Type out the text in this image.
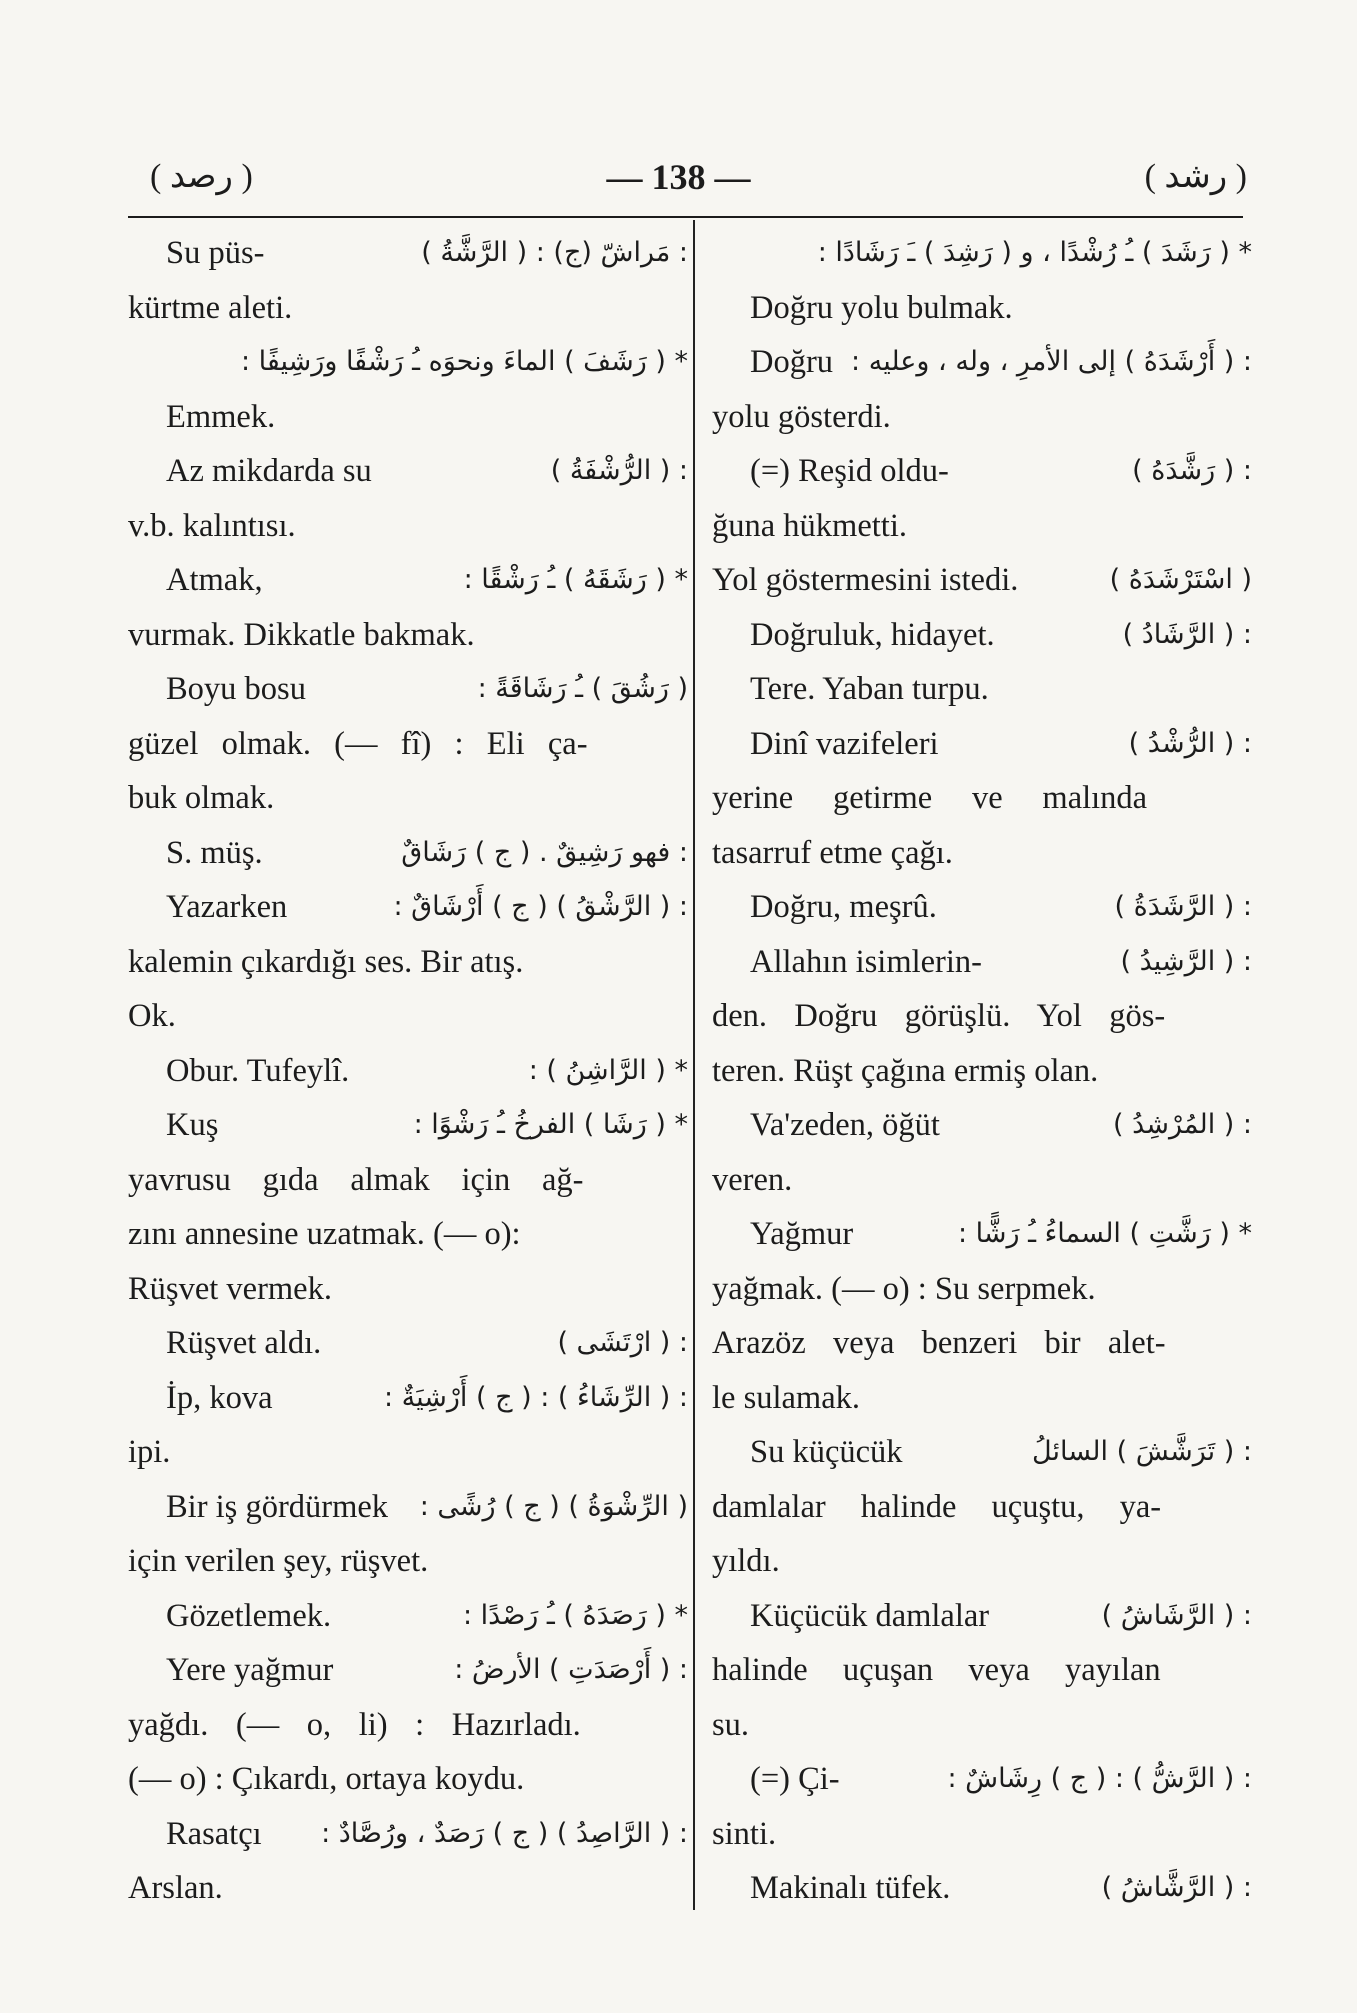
( رصد )	— 138 —	( رشد )
Su püs-	: مَراشّ (ج) : ( الرَّشَّةُ )
kürtme aleti.
* ( رَشَفَ ) الماءَ ونحوَه ـُ رَشْفًا ورَشِيفًا :
Emmek.
Az mikdarda su	: ( الرُّشْفَةُ )
v.b. kalıntısı.
Atmak,	* ( رَشَقَهُ ) ـُ رَشْقًا :
vurmak. Dikkatle bakmak.
Boyu bosu	( رَشُقَ ) ـُ رَشَاقَةً :
güzel olmak. (— fî) : Eli ça-
buk olmak.
S. müş.	: فهو رَشِيقٌ . ( ج ) رَشَاقٌ
Yazarken	: ( الرَّشْقُ ) ( ج ) أَرْشَاقٌ :
kalemin çıkardığı ses. Bir atış.
Ok.
Obur. Tufeylî.	* ( الرَّاشِنُ ) :
Kuş	* ( رَشَا ) الفرخُ ـُ رَشْوًا :
yavrusu gıda almak için ağ-
zını annesine uzatmak. (— o):
Rüşvet vermek.
Rüşvet aldı.	: ( ارْتَشَى )
İp, kova	: ( الرِّشَاءُ ) : ( ج ) أَرْشِيَةٌ :
ipi.
Bir iş gördürmek	( الرِّشْوَةُ ) ( ج ) رُشًى :
için verilen şey, rüşvet.
Gözetlemek.	* ( رَصَدَهُ ) ـُ رَصْدًا :
Yere yağmur	: ( أَرْصَدَتِ ) الأرضُ :
yağdı. (— o, li) : Hazırladı.
(— o) : Çıkardı, ortaya koydu.
Rasatçı	: ( الرَّاصِدُ ) ( ج ) رَصَدٌ ، ورُصَّادٌ :
Arslan.
* ( رَشَدَ ) ـُ رُشْدًا ، و ( رَشِدَ ) ـَ رَشَادًا :
Doğru yolu bulmak.
Doğru : ( أَرْشَدَهُ ) إلى الأمرِ ، وله ، وعليه :
yolu gösterdi.
(=) Reşid oldu-	: ( رَشَّدَهُ )
ğuna hükmetti.
Yol göstermesini istedi.	( اسْتَرْشَدَهُ )
Doğruluk, hidayet.	: ( الرَّشَادُ )
Tere. Yaban turpu.
Dinî vazifeleri	: ( الرُّشْدُ )
yerine getirme ve malında
tasarruf etme çağı.
Doğru, meşrû.	: ( الرَّشَدَةُ )
Allahın isimlerin-	: ( الرَّشِيدُ )
den. Doğru görüşlü. Yol gös-
teren. Rüşt çağına ermiş olan.
Va'zeden, öğüt	: ( المُرْشِدُ )
veren.
Yağmur	* ( رَشَّتِ ) السماءُ ـُ رَشًّا :
yağmak. (— o) : Su serpmek.
Arazöz veya benzeri bir alet-
le sulamak.
Su küçücük	: ( تَرَشَّشَ ) السائلُ
damlalar halinde uçuştu, ya-
yıldı.
Küçücük damlalar	: ( الرَّشَاشُ )
halinde uçuşan veya yayılan
su.
(=) Çi-	: ( الرَّشُّ ) : ( ج ) رِشَاشٌ :
sinti.
Makinalı tüfek.	: ( الرَّشَّاشُ )
